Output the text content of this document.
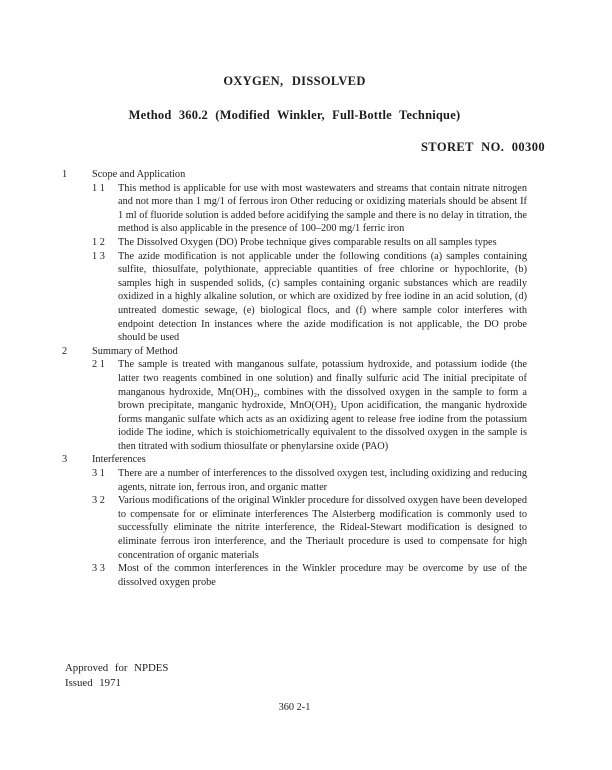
OXYGEN, DISSOLVED
Method 360.2 (Modified Winkler, Full-Bottle Technique)
STORET NO. 00300
1	Scope and Application
1 1	This method is applicable for use with most wastewaters and streams that contain nitrate nitrogen and not more than 1 mg/1 of ferrous iron Other reducing or oxidizing materials should be absent If 1 ml of fluoride solution is added before acidifying the sample and there is no delay in titration, the method is also applicable in the presence of 100–200 mg/1 ferric iron
1 2	The Dissolved Oxygen (DO) Probe technique gives comparable results on all samples types
1 3	The azide modification is not applicable under the following conditions (a) samples containing sulfite, thiosulfate, polythionate, appreciable quantities of free chlorine or hypochlorite, (b) samples high in suspended solids, (c) samples containing organic substances which are readily oxidized in a highly alkaline solution, or which are oxidized by free iodine in an acid solution, (d) untreated domestic sewage, (e) biological flocs, and (f) where sample color interferes with endpoint detection In instances where the azide modification is not applicable, the DO probe should be used
2	Summary of Method
2 1	The sample is treated with manganous sulfate, potassium hydroxide, and potassium iodide (the latter two reagents combined in one solution) and finally sulfuric acid The initial precipitate of manganous hydroxide, Mn(OH)₂, combines with the dissolved oxygen in the sample to form a brown precipitate, manganic hydroxide, MnO(OH)₂ Upon acidification, the manganic hydroxide forms manganic sulfate which acts as an oxidizing agent to release free iodine from the potassium iodide The iodine, which is stoichiometrically equivalent to the dissolved oxygen in the sample is then titrated with sodium thiosulfate or phenylarsine oxide (PAO)
3	Interferences
3 1	There are a number of interferences to the dissolved oxygen test, including oxidizing and reducing agents, nitrate ion, ferrous iron, and organic matter
3 2	Various modifications of the original Winkler procedure for dissolved oxygen have been developed to compensate for or eliminate interferences The Alsterberg modification is commonly used to successfully eliminate the nitrite interference, the Rideal-Stewart modification is designed to eliminate ferrous iron interference, and the Theriault procedure is used to compensate for high concentration of organic materials
3 3	Most of the common interferences in the Winkler procedure may be overcome by use of the dissolved oxygen probe
Approved for NPDES
Issued 1971
360 2-1
